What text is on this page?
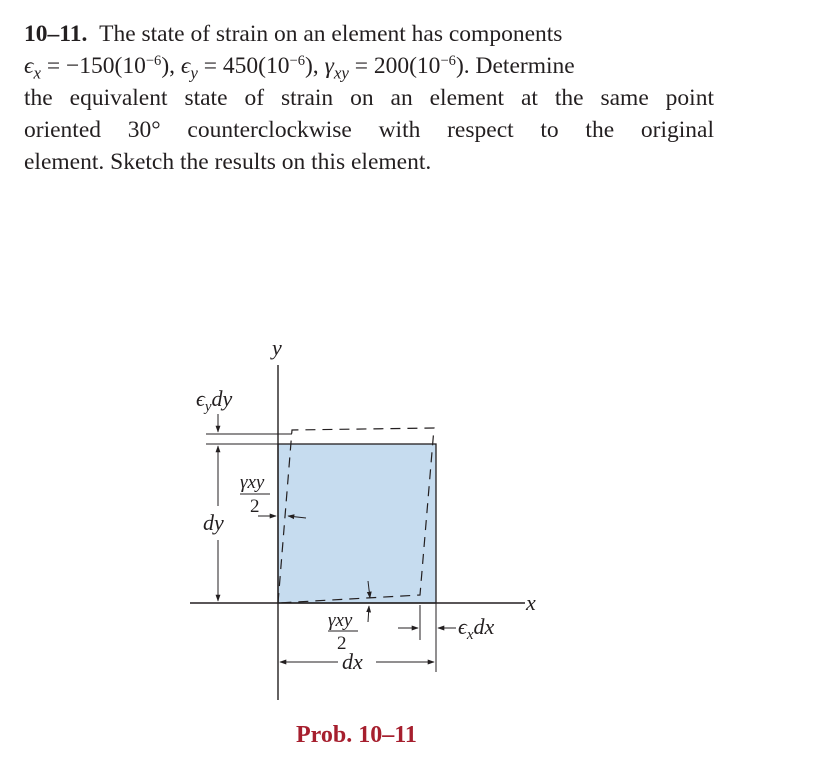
10–11. The state of strain on an element has components
$\epsilon_x = -150(10^{-6})$, $\epsilon_y = 450(10^{-6})$, $\gamma_{xy} = 200(10^{-6})$. Determine
the equivalent state of strain on an element at the same point
oriented 30° counterclockwise with respect to the original
element. Sketch the results on this element.
y
x
dy
$\epsilon_ydy$
γxy
2
γxy
2
dx
$\epsilon_xdx$
Prob. 10–11
